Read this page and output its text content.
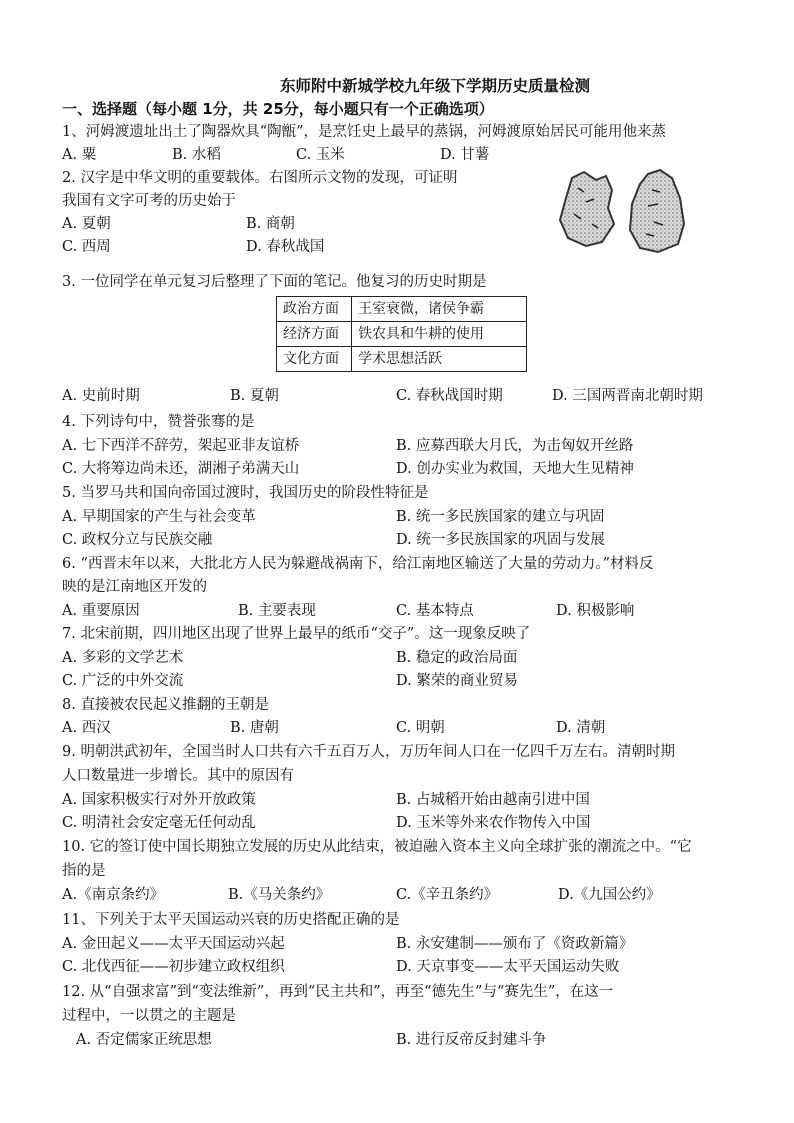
东师附中新城学校九年级下学期历史质量检测
一、选择题（每小题 1分，共 25分，每小题只有一个正确选项）
1、河姆渡遗址出土了陶器炊具“陶甑”，是烹饪史上最早的蒸锅，河姆渡原始居民可能用他来蒸
A. 粟	B. 水稻	C. 玉米	D. 甘薯
2. 汉字是中华文明的重要载体。右图所示文物的发现，可证明
我国有文字可考的历史始于
A. 夏朝	B. 商朝
C. 西周	D. 春秋战国
3. 一位同学在单元复习后整理了下面的笔记。他复习的历史时期是
政治方面	王室衰微，诸侯争霸
经济方面	铁农具和牛耕的使用
文化方面	学术思想活跃
A. 史前时期	B. 夏朝	C. 春秋战国时期	D. 三国两晋南北朝时期
4. 下列诗句中，赞誉张骞的是
A. 七下西洋不辞劳，架起亚非友谊桥	B. 应募西联大月氏，为击匈奴开丝路
C. 大将筹边尚未还，湖湘子弟满天山	D. 创办实业为救国，天地大生见精神
5. 当罗马共和国向帝国过渡时，我国历史的阶段性特征是
A. 早期国家的产生与社会变革	B. 统一多民族国家的建立与巩固
C. 政权分立与民族交融	D. 统一多民族国家的巩固与发展
6. “西晋末年以来，大批北方人民为躲避战祸南下，给江南地区输送了大量的劳动力。”材料反
映的是江南地区开发的
A. 重要原因	B. 主要表现	C. 基本特点	D. 积极影响
7. 北宋前期，四川地区出现了世界上最早的纸币“交子”。这一现象反映了
A. 多彩的文学艺术	B. 稳定的政治局面
C. 广泛的中外交流	D. 繁荣的商业贸易
8. 直接被农民起义推翻的王朝是
A. 西汉	B. 唐朝	C. 明朝	D. 清朝
9. 明朝洪武初年，全国当时人口共有六千五百万人，万历年间人口在一亿四千万左右。清朝时期
人口数量进一步增长。其中的原因有
A. 国家积极实行对外开放政策	B. 占城稻开始由越南引进中国
C. 明清社会安定毫无任何动乱	D. 玉米等外来农作物传入中国
10. 它的签订使中国长期独立发展的历史从此结束，被迫融入资本主义向全球扩张的潮流之中。“它
指的是
A.《南京条约》	B.《马关条约》	C.《辛丑条约》	D.《九国公约》
11、下列关于太平天国运动兴衰的历史搭配正确的是
A. 金田起义——太平天国运动兴起	B. 永安建制——颁布了《资政新篇》
C. 北伐西征——初步建立政权组织	D. 天京事变——太平天国运动失败
12. 从“自强求富”到“变法维新”，再到“民主共和”，再至“德先生”与“赛先生”，在这一
过程中，一以贯之的主题是
A. 否定儒家正统思想	B. 进行反帝反封建斗争
